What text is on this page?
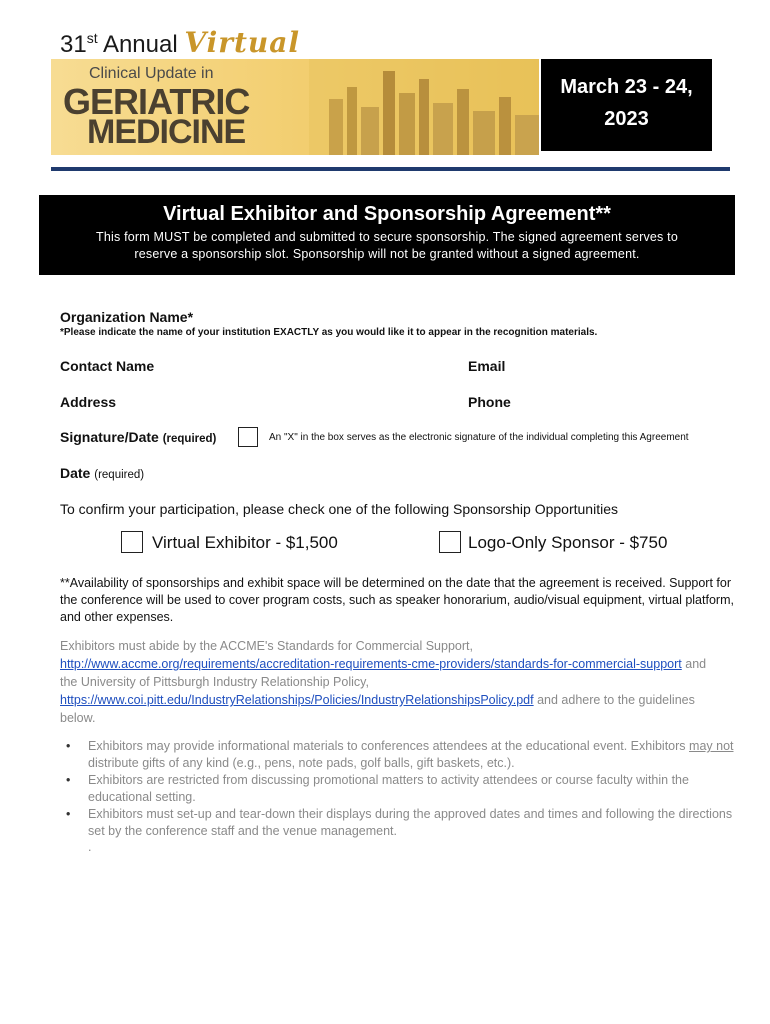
31st Annual Virtual
Clinical Update in
GERIATRIC
MEDICINE
March 23 - 24,
2023
Virtual Exhibitor and Sponsorship Agreement**
This form MUST be completed and submitted to secure sponsorship. The signed agreement serves to
reserve a sponsorship slot. Sponsorship will not be granted without a signed agreement.
Organization Name*
*Please indicate the name of your institution EXACTLY as you would like it to appear in the recognition materials.
Contact Name	Email
Address	Phone
Signature/Date (required)	An "X" in the box serves as the electronic signature of the individual completing this Agreement
Date (required)
To confirm your participation, please check one of the following Sponsorship Opportunities
Virtual Exhibitor - $1,500	Logo-Only Sponsor - $750
**Availability of sponsorships and exhibit space will be determined on the date that the agreement is received. Support for the conference will be used to cover program costs, such as speaker honorarium, audio/visual equipment, virtual platform, and other expenses.
Exhibitors must abide by the ACCME's Standards for Commercial Support,
http://www.accme.org/requirements/accreditation-requirements-cme-providers/standards-for-commercial-support and the University of Pittsburgh Industry Relationship Policy,
https://www.coi.pitt.edu/IndustryRelationships/Policies/IndustryRelationshipsPolicy.pdf and adhere to the guidelines below.
• Exhibitors may provide informational materials to conferences attendees at the educational event. Exhibitors may not distribute gifts of any kind (e.g., pens, note pads, golf balls, gift baskets, etc.).
• Exhibitors are restricted from discussing promotional matters to activity attendees or course faculty within the educational setting.
• Exhibitors must set-up and tear-down their displays during the approved dates and times and following the directions set by the conference staff and the venue management.
.
